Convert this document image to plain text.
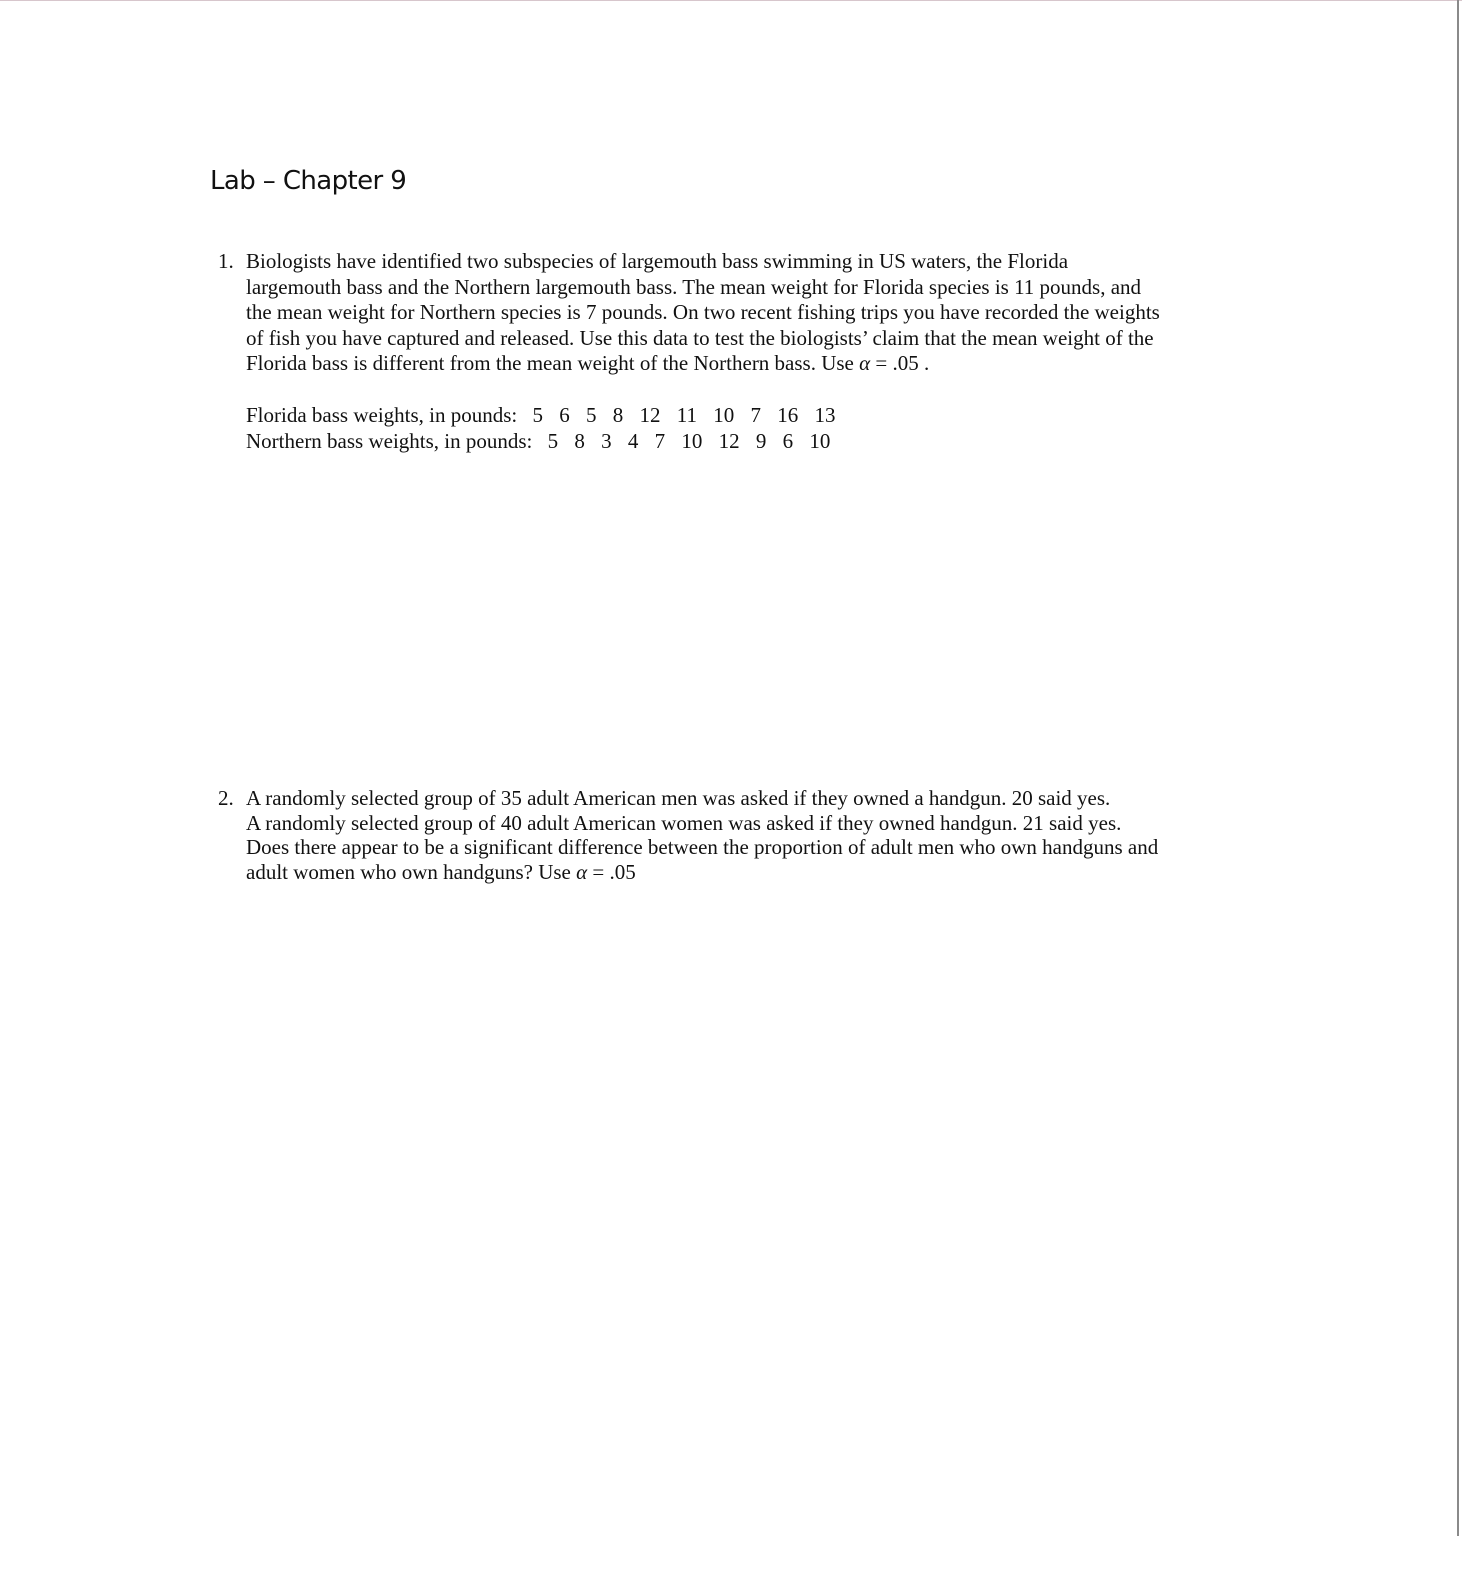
Lab – Chapter 9
1. Biologists have identified two subspecies of largemouth bass swimming in US waters, the Florida
largemouth bass and the Northern largemouth bass. The mean weight for Florida species is 11 pounds, and
the mean weight for Northern species is 7 pounds. On two recent fishing trips you have recorded the weights
of fish you have captured and released. Use this data to test the biologists’ claim that the mean weight of the
Florida bass is different from the mean weight of the Northern bass. Use α = .05 .
Florida bass weights, in pounds: 5 6 5 8 12 11 10 7 16 13
Northern bass weights, in pounds: 5 8 3 4 7 10 12 9 6 10
2. A randomly selected group of 35 adult American men was asked if they owned a handgun. 20 said yes.
A randomly selected group of 40 adult American women was asked if they owned handgun. 21 said yes.
Does there appear to be a significant difference between the proportion of adult men who own handguns and
adult women who own handguns? Use α = .05
